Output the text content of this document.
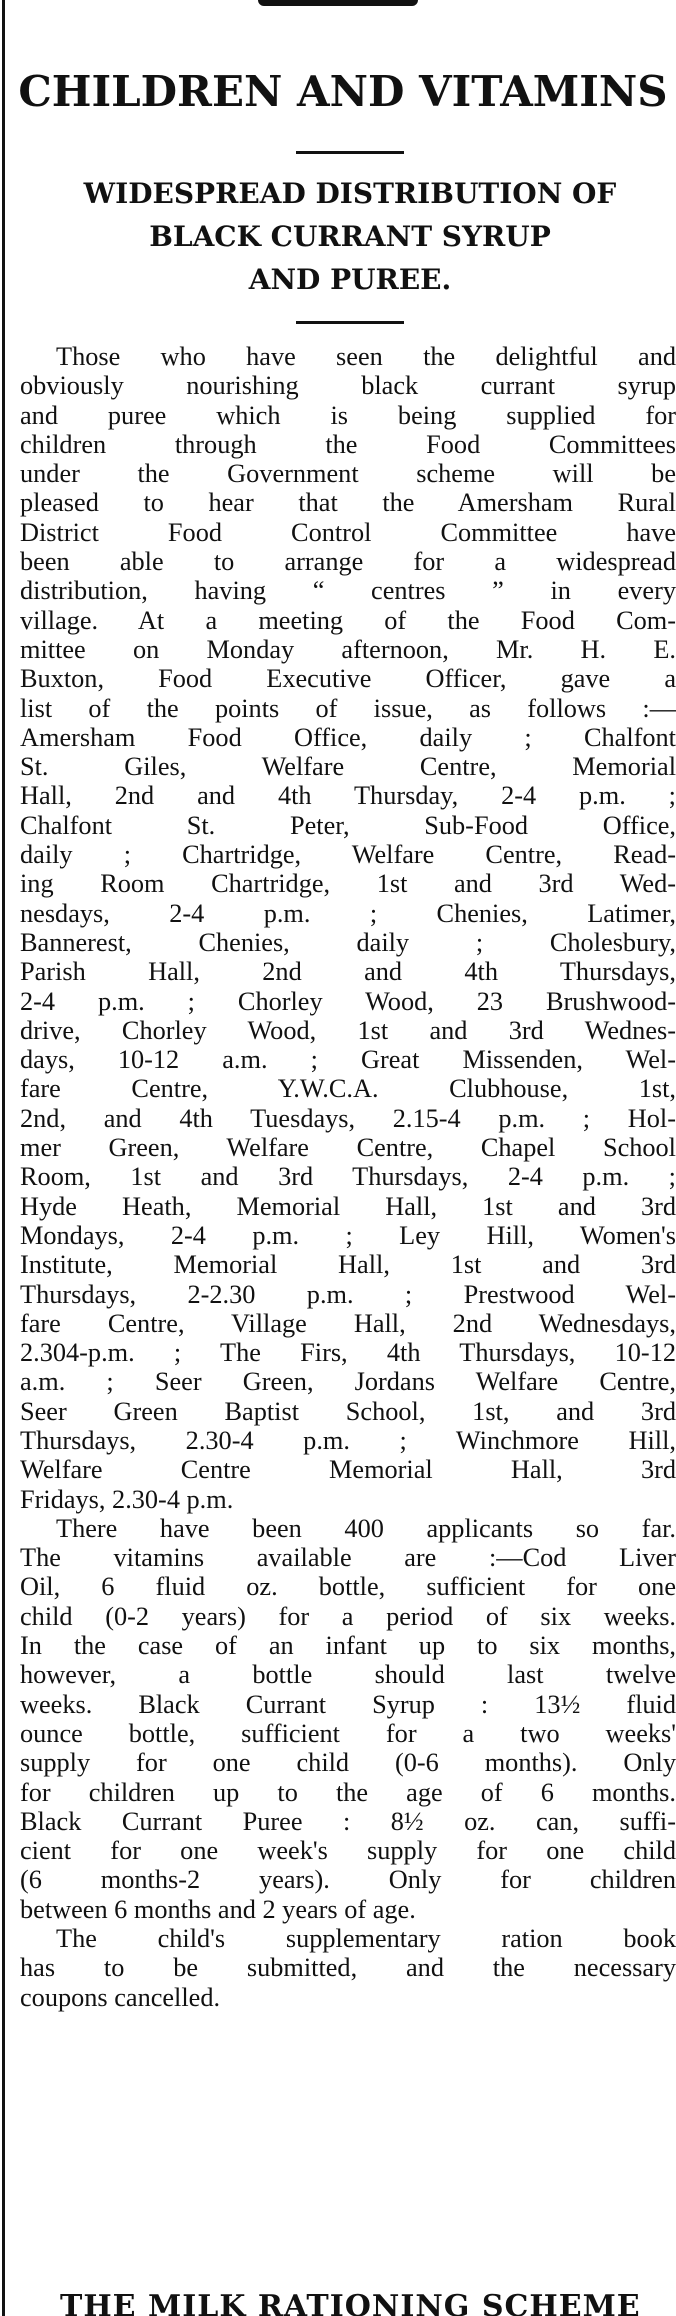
CHILDREN AND VITAMINS
WIDESPREAD DISTRIBUTION OF
BLACK CURRANT SYRUP
AND PUREE.
Those who have seen the delightful and
obviously nourishing black currant syrup
and puree which is being supplied for
children through the Food Committees
under the Government scheme will be
pleased to hear that the Amersham Rural
District Food Control Committee have
been able to arrange for a widespread
distribution, having “ centres ” in every
village. At a meeting of the Food Com-
mittee on Monday afternoon, Mr. H. E.
Buxton, Food Executive Officer, gave a
list of the points of issue, as follows :—
Amersham Food Office, daily ; Chalfont
St. Giles, Welfare Centre, Memorial
Hall, 2nd and 4th Thursday, 2-4 p.m. ;
Chalfont St. Peter, Sub-Food Office,
daily ; Chartridge, Welfare Centre, Read-
ing Room Chartridge, 1st and 3rd Wed-
nesdays, 2-4 p.m. ; Chenies, Latimer,
Bannerest, Chenies, daily ; Cholesbury,
Parish Hall, 2nd and 4th Thursdays,
2-4 p.m. ; Chorley Wood, 23 Brushwood-
drive, Chorley Wood, 1st and 3rd Wednes-
days, 10-12 a.m. ; Great Missenden, Wel-
fare Centre, Y.W.C.A. Clubhouse, 1st,
2nd, and 4th Tuesdays, 2.15-4 p.m. ; Hol-
mer Green, Welfare Centre, Chapel School
Room, 1st and 3rd Thursdays, 2-4 p.m. ;
Hyde Heath, Memorial Hall, 1st and 3rd
Mondays, 2-4 p.m. ; Ley Hill, Women's
Institute, Memorial Hall, 1st and 3rd
Thursdays, 2-2.30 p.m. ; Prestwood Wel-
fare Centre, Village Hall, 2nd Wednesdays,
2.304-p.m. ; The Firs, 4th Thursdays, 10-12
a.m. ; Seer Green, Jordans Welfare Centre,
Seer Green Baptist School, 1st, and 3rd
Thursdays, 2.30-4 p.m. ; Winchmore Hill,
Welfare Centre Memorial Hall, 3rd
Fridays, 2.30-4 p.m.
There have been 400 applicants so far.
The vitamins available are :—Cod Liver
Oil, 6 fluid oz. bottle, sufficient for one
child (0-2 years) for a period of six weeks.
In the case of an infant up to six months,
however, a bottle should last twelve
weeks. Black Currant Syrup : 13½ fluid
ounce bottle, sufficient for a two weeks'
supply for one child (0-6 months). Only
for children up to the age of 6 months.
Black Currant Puree : 8½ oz. can, suffi-
cient for one week's supply for one child
(6 months-2 years). Only for children
between 6 months and 2 years of age.
The child's supplementary ration book
has to be submitted, and the necessary
coupons cancelled.
THE MILK RATIONING SCHEME
